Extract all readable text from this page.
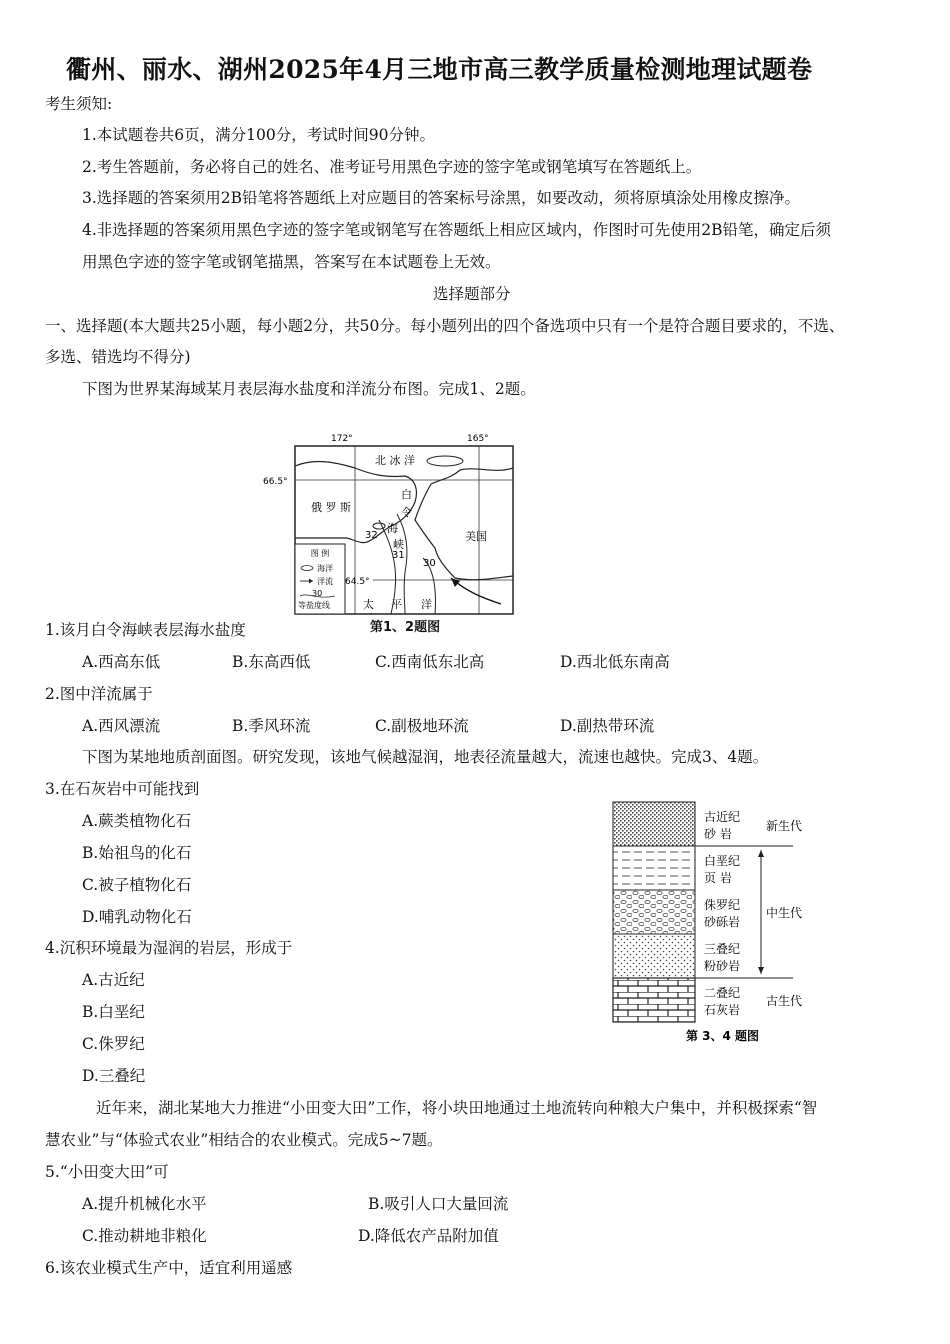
衢州、丽水、湖州2025年4月三地市高三教学质量检测地理试题卷
考生须知:
1.本试题卷共6页，满分100分，考试时间90分钟。
2.考生答题前，务必将自己的姓名、准考证号用黑色字迹的签字笔或钢笔填写在答题纸上。
3.选择题的答案须用2B铅笔将答题纸上对应题目的答案标号涂黑，如要改动，须将原填涂处用橡皮擦净。
4.非选择题的答案须用黑色字迹的签字笔或钢笔写在答题纸上相应区域内，作图时可先使用2B铅笔，确定后须
用黑色字迹的签字笔或钢笔描黑，答案写在本试题卷上无效。
选择题部分
一、选择题(本大题共25小题，每小题2分，共50分。每小题列出的四个备选项中只有一个是符合题目要求的，不选、
多选、错选均不得分)
下图为世界某海域某月表层海水盐度和洋流分布图。完成1、2题。
图 例
海洋
洋流
30
等盐度线
172°	165°
66.5°
64.5°
北 冰 洋
俄 罗 斯
白
令
海
峡
美国
太 平 洋
32
31
30
第1、2题图
1.该月白令海峡表层海水盐度
A.西高东低	B.东高西低	C.西南低东北高	D.西北低东南高
2.图中洋流属于
A.西风漂流	B.季风环流	C.副极地环流	D.副热带环流
下图为某地地质剖面图。研究发现，该地气候越湿润，地表径流量越大，流速也越快。完成3、4题。
3.在石灰岩中可能找到
A.蕨类植物化石
B.始祖鸟的化石
C.被子植物化石
D.哺乳动物化石
4.沉积环境最为湿润的岩层，形成于
A.古近纪
B.白垩纪
C.侏罗纪
D.三叠纪
古近纪
砂 岩
白垩纪
页 岩
侏罗纪
砂砾岩
三叠纪
粉砂岩
二叠纪
石灰岩
新生代
中生代
古生代
第 3、4 题图
近年来，湖北某地大力推进“小田变大田”工作，将小块田地通过土地流转向种粮大户集中，并积极探索“智
慧农业”与“体验式农业”相结合的农业模式。完成5~7题。
5.“小田变大田”可
A.提升机械化水平	B.吸引人口大量回流
C.推动耕地非粮化	D.降低农产品附加值
6.该农业模式生产中，适宜利用遥感
